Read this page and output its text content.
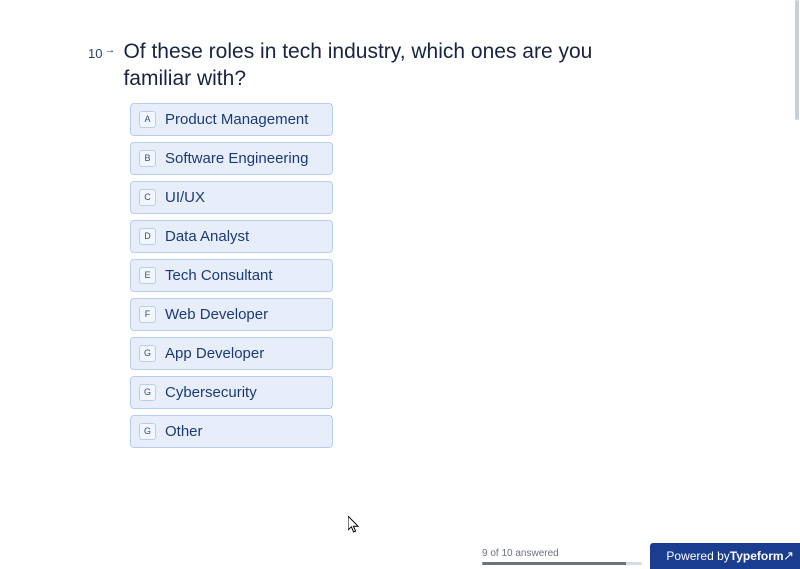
10 → Of these roles in tech industry, which ones are you familiar with?
A Product Management
B Software Engineering
C UI/UX
D Data Analyst
E Tech Consultant
F Web Developer
G App Developer
G Cybersecurity
G Other
9 of 10 answered	Powered by Typeform ↗
